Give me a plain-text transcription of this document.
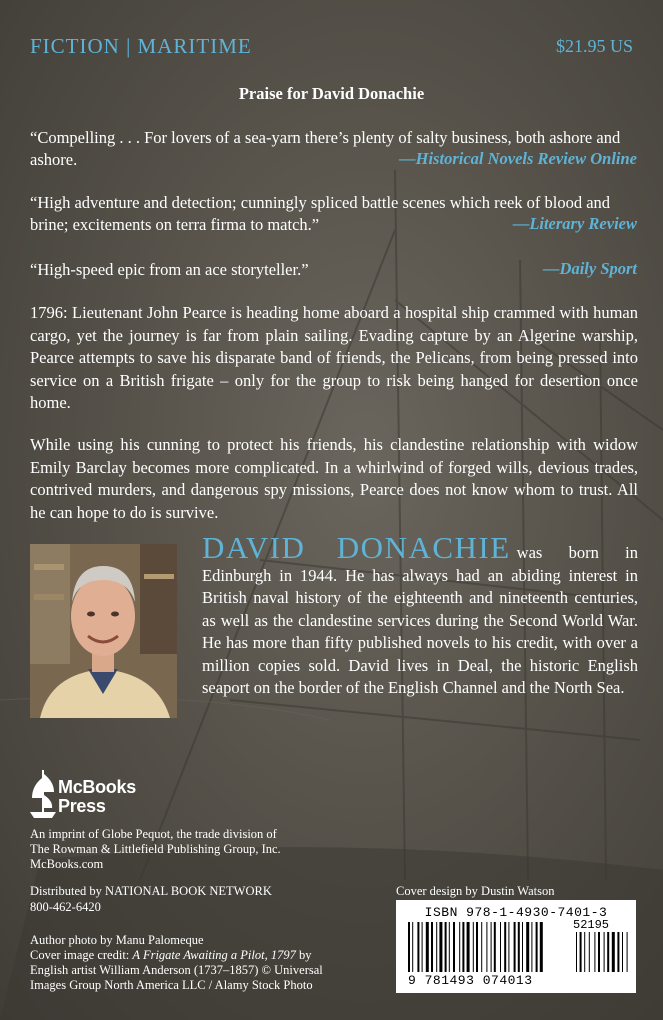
FICTION | MARITIME	$21.95 US
Praise for David Donachie
“Compelling . . . For lovers of a sea-yarn there’s plenty of salty business, both ashore and ashore.	—Historical Novels Review Online
“High adventure and detection; cunningly spliced battle scenes which reek of blood and brine; excitements on terra firma to match.”	—Literary Review
“High-speed epic from an ace storyteller.”	—Daily Sport
1796: Lieutenant John Pearce is heading home aboard a hospital ship crammed with human cargo, yet the journey is far from plain sailing. Evading capture by an Algerine warship, Pearce attempts to save his disparate band of friends, the Pelicans, from being pressed into service on a British frigate – only for the group to risk being hanged for desertion once home.
While using his cunning to protect his friends, his clandestine relationship with widow Emily Barclay becomes more complicated. In a whirlwind of forged wills, devious trades, contrived murders, and dangerous spy missions, Pearce does not know whom to trust. All he can hope to do is survive.
DAVID DONACHIE was born in Edinburgh in 1944. He has always had an abiding interest in British naval history of the eighteenth and nineteenth centuries, as well as the clandestine services during the Second World War. He has more than fifty published novels to his credit, with over a million copies sold. David lives in Deal, the historic English seaport on the border of the English Channel and the North Sea.
McBooks
Press
An imprint of Globe Pequot, the trade division of
The Rowman & Littlefield Publishing Group, Inc.
McBooks.com
Distributed by NATIONAL BOOK NETWORK
800-462-6420
Author photo by Manu Palomeque
Cover image credit: A Frigate Awaiting a Pilot, 1797 by
English artist William Anderson (1737–1857) © Universal
Images Group North America LLC / Alamy Stock Photo
Cover design by Dustin Watson
ISBN 978-1-4930-7401-3
52195
9 781493 074013
